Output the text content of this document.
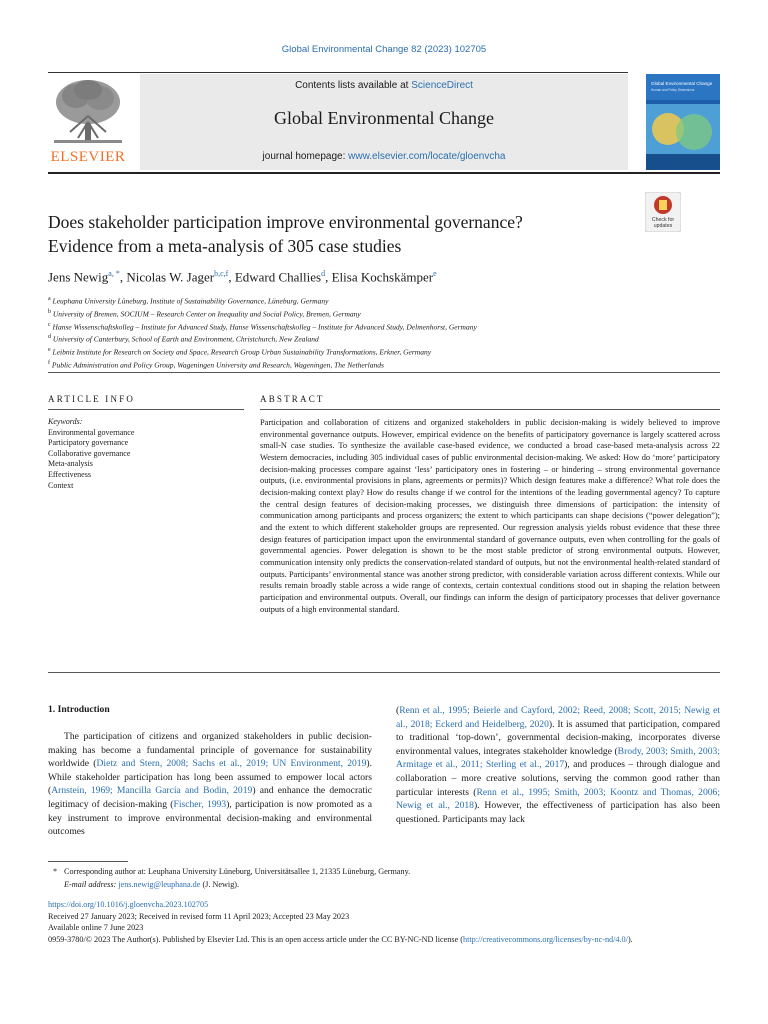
Global Environmental Change 82 (2023) 102705
ELSEVIER
Contents lists available at ScienceDirect
Global Environmental Change
journal homepage: www.elsevier.com/locate/gloenvcha
Global Environmental Change
Human and Policy Dimensions
Does stakeholder participation improve environmental governance?
Evidence from a meta-analysis of 305 case studies
Check for
updates
Jens Newig$^{a, *}$, Nicolas W. Jager$^{b,c,f}$, Edward Challies$^d$, Elisa Kochskämper$^e$
$^a$ Leuphana University Lüneburg, Institute of Sustainability Governance, Lüneburg, Germany
$^b$ University of Bremen, SOCIUM – Research Center on Inequality and Social Policy, Bremen, Germany
$^c$ Hanse Wissenschaftskolleg – Institute for Advanced Study, Hanse Wissenschaftskolleg – Institute for Advanced Study, Delmenhorst, Germany
$^d$ University of Canterbury, School of Earth and Environment, Christchurch, New Zealand
$^e$ Leibniz Institute for Research on Society and Space, Research Group Urban Sustainability Transformations, Erkner, Germany
$^f$ Public Administration and Policy Group, Wageningen University and Research, Wageningen, The Netherlands
ARTICLE INFO	ABSTRACT
Keywords:
Environmental governance
Participatory governance
Collaborative governance
Meta-analysis
Effectiveness
Context
Participation and collaboration of citizens and organized stakeholders in public decision-making is widely believed to improve environmental governance outputs. However, empirical evidence on the benefits of participatory governance is largely scattered across small-N case studies. To synthesize the available case-based evidence, we conducted a broad case-based meta-analysis across 22 Western democracies, including 305 individual cases of public environmental decision-making. We asked: How do ‘more’ participatory decision-making processes compare against ‘less’ participatory ones in fostering – or hindering – strong environmental governance outputs, (i.e. environmental provisions in plans, agreements or permits)? Which design features make a difference? What role does the decision-making context play? How do results change if we control for the intentions of the leading governmental agency? To capture the central design features of decision-making processes, we distinguish three dimensions of participation: the intensity of communication among participants and process organizers; the extent to which participants can shape decisions (“power delegation”); and the extent to which different stakeholder groups are represented. Our regression analysis yields robust evidence that these three design features of participation impact upon the environmental standard of governance outputs, even when controlling for the goals of governmental agencies. Power delegation is shown to be the most stable predictor of strong environmental outputs. However, communication intensity only predicts the conservation-related standard of outputs, but not the environmental health-related standard of outputs. Participants’ environmental stance was another strong predictor, with considerable variation across different contexts. While our results remain broadly stable across a wide range of contexts, certain contextual conditions stood out in shaping the relation between participation and environmental outputs. Overall, our findings can inform the design of participatory processes that deliver governance outputs of a high environmental standard.
1. Introduction
The participation of citizens and organized stakeholders in public decision-making has become a fundamental principle of governance for sustainability worldwide (Dietz and Stern, 2008; Sachs et al., 2019; UN Environment, 2019). While stakeholder participation has long been assumed to empower local actors (Arnstein, 1969; Mancilla García and Bodin, 2019) and enhance the democratic legitimacy of decision-making (Fischer, 1993), participation is now promoted as a key instrument to improve environmental decision-making and environmental outcomes
(Renn et al., 1995; Beierle and Cayford, 2002; Reed, 2008; Scott, 2015; Newig et al., 2018; Eckerd and Heidelberg, 2020). It is assumed that participation, compared to traditional ‘top-down’, governmental decision-making, incorporates diverse environmental values, integrates stakeholder knowledge (Brody, 2003; Smith, 2003; Armitage et al., 2011; Sterling et al., 2017), and produces – through dialogue and collaboration – more creative solutions, serving the common good rather than particular interests (Renn et al., 1995; Smith, 2003; Koontz and Thomas, 2006; Newig et al., 2018). However, the effectiveness of participation has also been questioned. Participants may lack
* Corresponding author at: Leuphana University Lüneburg, Universitätsallee 1, 21335 Lüneburg, Germany.
E-mail address: jens.newig@leuphana.de (J. Newig).
https://doi.org/10.1016/j.gloenvcha.2023.102705
Received 27 January 2023; Received in revised form 11 April 2023; Accepted 23 May 2023
Available online 7 June 2023
0959-3780/© 2023 The Author(s). Published by Elsevier Ltd. This is an open access article under the CC BY-NC-ND license (http://creativecommons.org/licenses/by-nc-nd/4.0/).
